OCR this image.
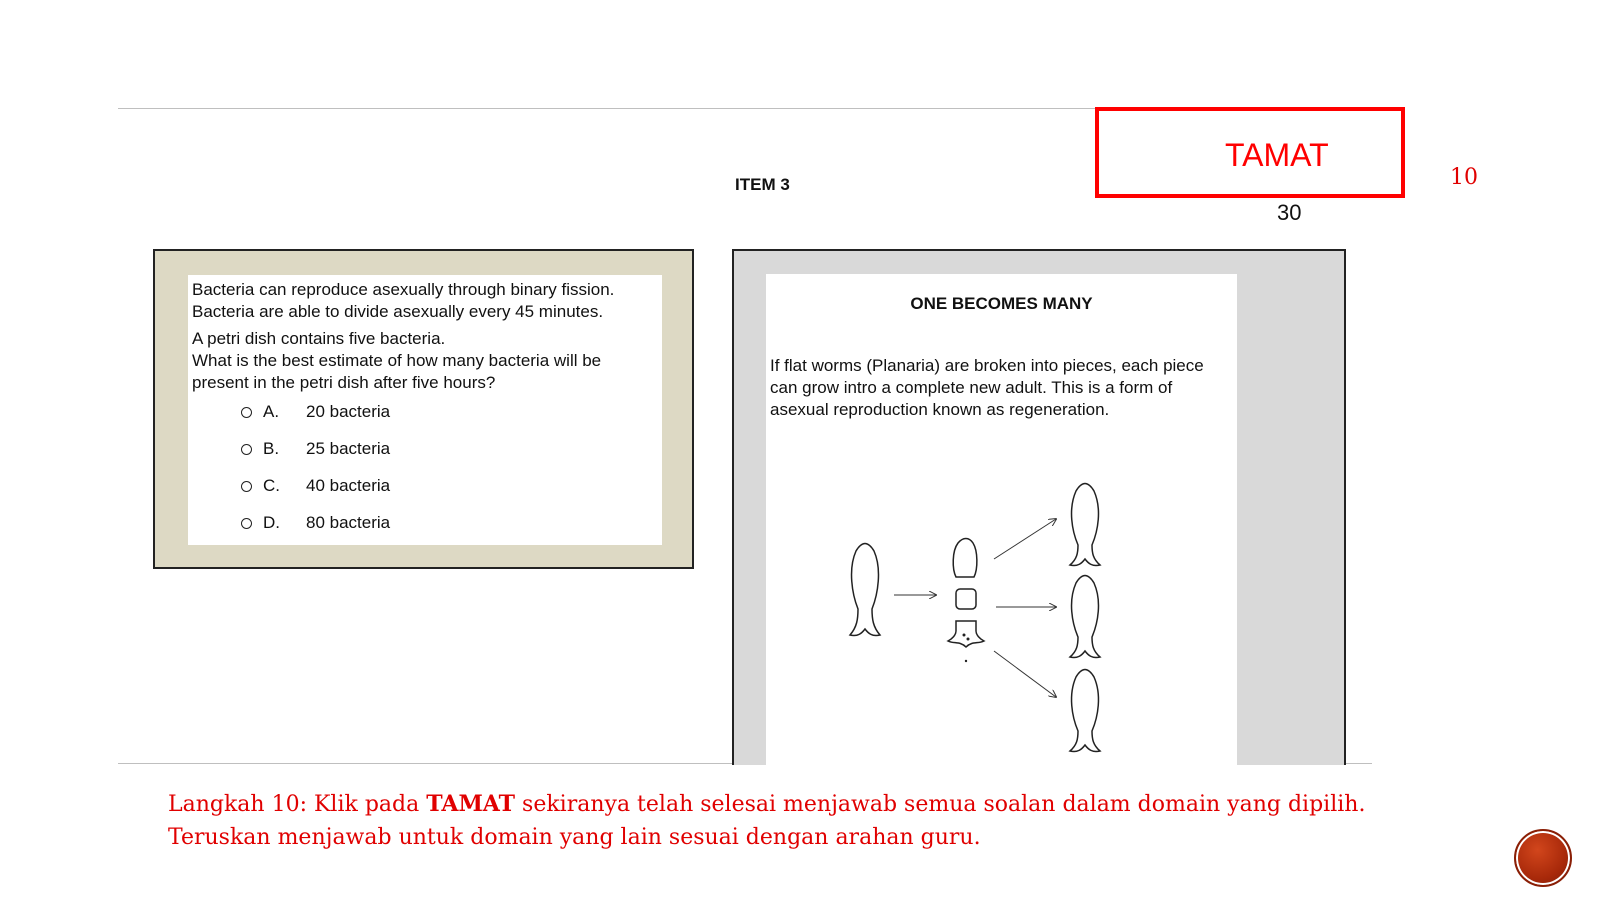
ITEM 3
TAMAT
30
10
Bacteria can reproduce asexually through binary fission.
Bacteria are able to divide asexually every 45 minutes.
A petri dish contains five bacteria.
What is the best estimate of how many bacteria will be
present in the petri dish after five hours?
A. 20 bacteria
B. 25 bacteria
C. 40 bacteria
D. 80 bacteria
ONE BECOMES MANY
If flat worms (Planaria) are broken into pieces, each piece
can grow intro a complete new adult. This is a form of
asexual reproduction known as regeneration.
Langkah 10: Klik pada TAMAT sekiranya telah selesai menjawab semua soalan dalam domain yang dipilih. Teruskan menjawab untuk domain yang lain sesuai dengan arahan guru.
